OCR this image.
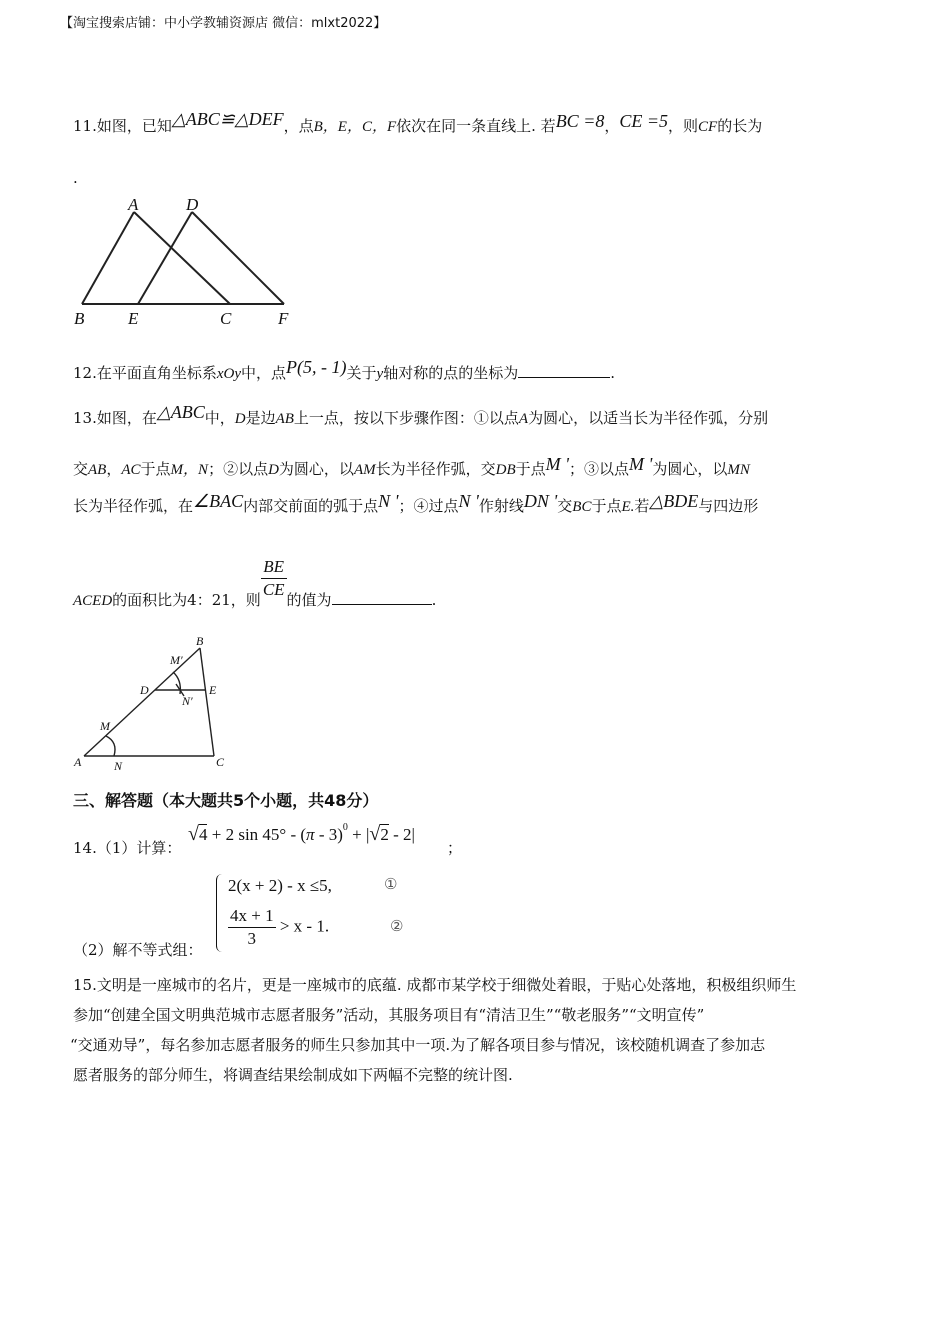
【淘宝搜索店铺：中小学教辅资源店 微信：mlxt2022】
11.如图，已知△ABC≌△DEF，点B，E，C，F依次在同一条直线上. 若BC =8，CE =5，则CF的长为
.
A	D
B	E	C	F
12.在平面直角坐标系xOy中，点P(5, - 1)关于y轴对称的点的坐标为	.
13.如图，在△ABC中，D是边AB上一点，按以下步骤作图：①以点A为圆心，以适当长为半径作弧，分别
交AB，AC于点M，N；②以点D为圆心，以AM长为半径作弧，交DB于点M '；③以点M '为圆心，以MN
长为半径作弧，在∠BAC内部交前面的弧于点N '；④过点N '作射线DN '交BC于点E.若△BDE与四边形
ACED的面积比为4：21，则 $\frac{BE}{CE}$ 的值为	.
B
M′
D	E
N′
M
A	N	C
三、解答题（本大题共5个小题，共48分）
14.（1）计算：
√4 + 2 sin 45° - (π - 3)$^0$ + |√2 - 2|
；
（2）解不等式组：
2(x + 2) - x ≤5,	①
$\frac{4x + 1}{3} > x - 1$.	②
15.文明是一座城市的名片，更是一座城市的底蕴. 成都市某学校于细微处着眼，于贴心处落地，积极组织师生
参加“创建全国文明典范城市志愿者服务”活动，其服务项目有“清洁卫生”“敬老服务”“文明宣传”
“交通劝导”，每名参加志愿者服务的师生只参加其中一项.为了解各项目参与情况，该校随机调查了参加志
愿者服务的部分师生，将调查结果绘制成如下两幅不完整的统计图.
